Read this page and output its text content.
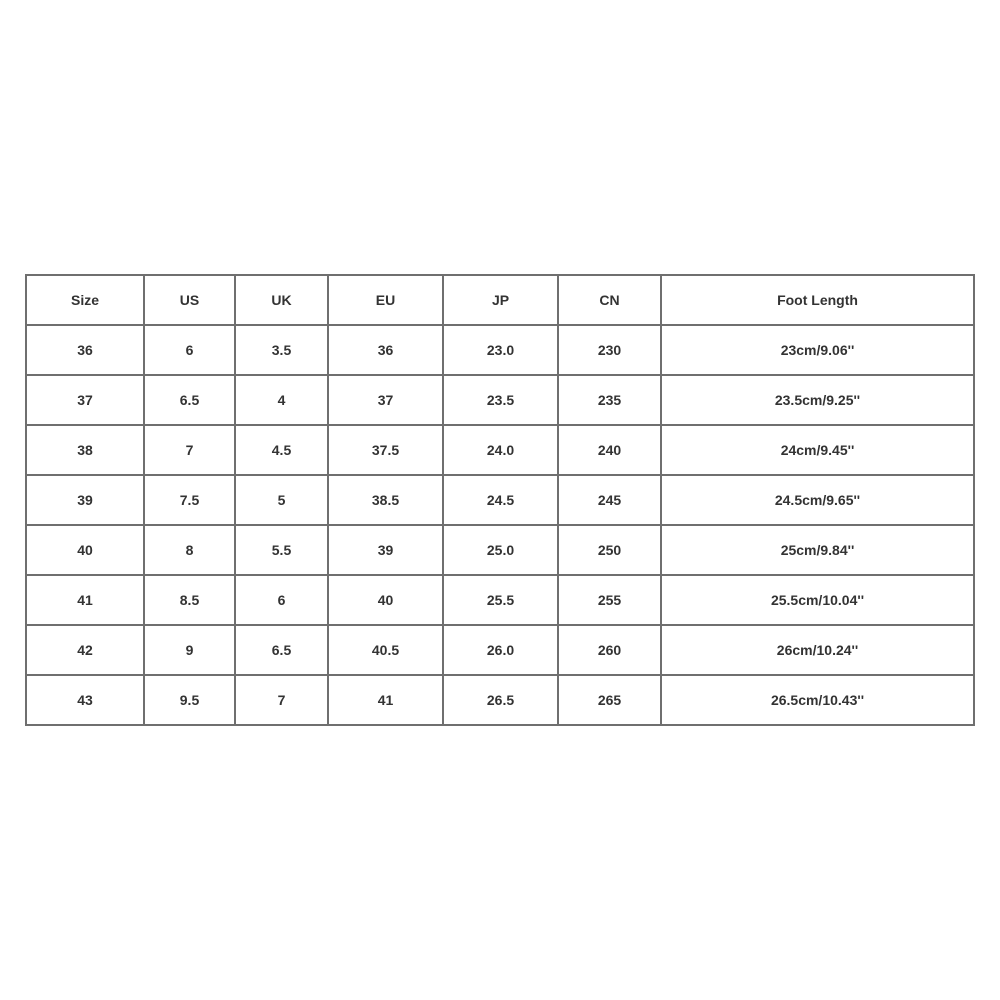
Size	US	UK	EU	JP	CN	Foot Length
36	6	3.5	36	23.0	230	23cm/9.06''
37	6.5	4	37	23.5	235	23.5cm/9.25''
38	7	4.5	37.5	24.0	240	24cm/9.45''
39	7.5	5	38.5	24.5	245	24.5cm/9.65''
40	8	5.5	39	25.0	250	25cm/9.84''
41	8.5	6	40	25.5	255	25.5cm/10.04''
42	9	6.5	40.5	26.0	260	26cm/10.24''
43	9.5	7	41	26.5	265	26.5cm/10.43''
